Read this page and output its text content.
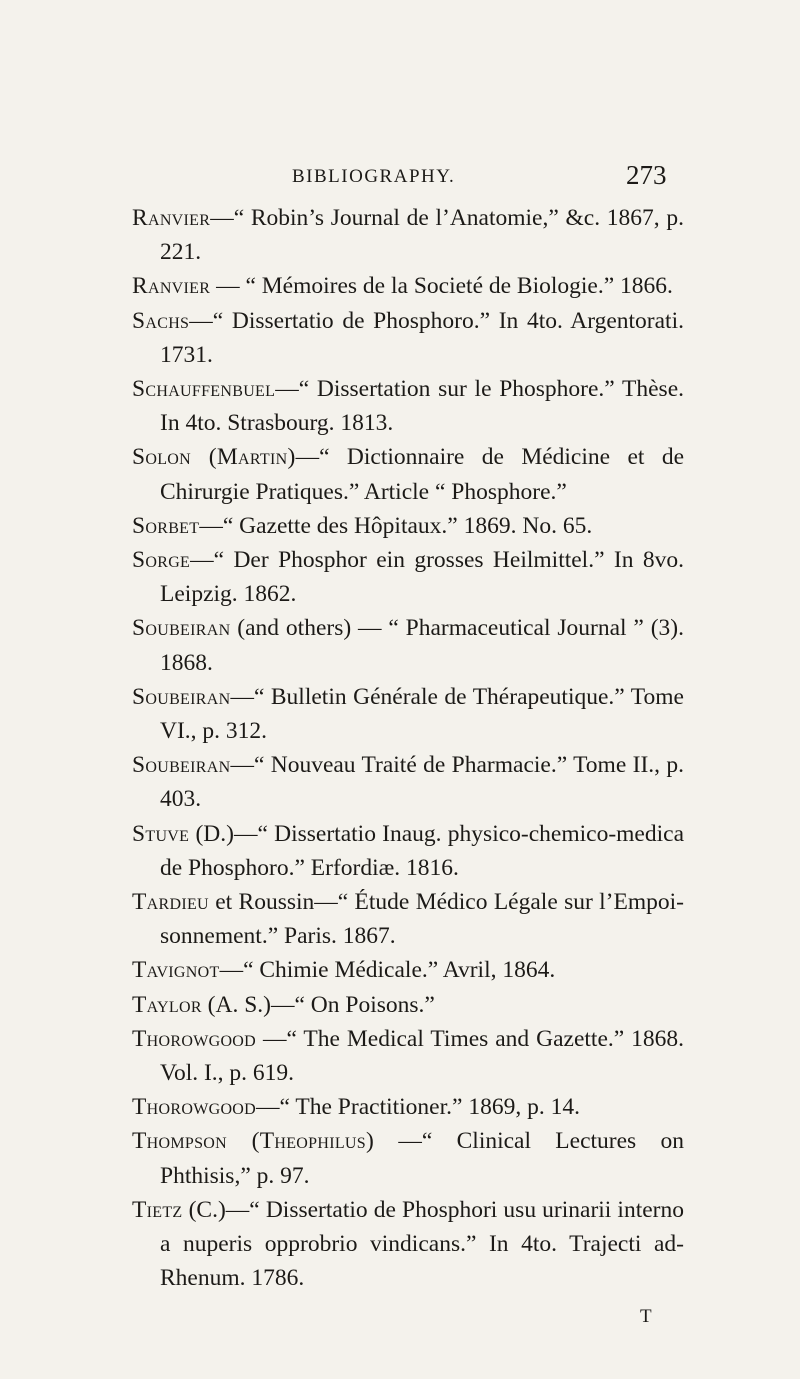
BIBLIOGRAPHY.	273

Ranvier—“ Robin’s Journal de l’Anatomie,” &c. 1867, p. 221.

Ranvier — “ Mémoires de la Societé de Biologie.” 1866.

Sachs—“ Dissertatio de Phosphoro.” In 4to. Argentorati. 1731.

Schauffenbuel—“ Dissertation sur le Phosphore.” Thèse. In 4to. Strasbourg. 1813.

Solon (Martin)—“ Dictionnaire de Médicine et de Chirurgie Pratiques.” Article “ Phosphore.”

Sorbet—“ Gazette des Hôpitaux.” 1869. No. 65.

Sorge—“ Der Phosphor ein grosses Heilmittel.” In 8vo. Leipzig. 1862.

Soubeiran (and others) — “ Pharmaceutical Journal ” (3). 1868.

Soubeiran—“ Bulletin Générale de Thérapeutique.” Tome VI., p. 312.

Soubeiran—“ Nouveau Traité de Pharmacie.” Tome II., p. 403.

Stuve (D.)—“ Dissertatio Inaug. physico-chemico-medica de Phosphoro.” Erfordiæ. 1816.

Tardieu et Roussin—“ Étude Médico Légale sur l’Empoisonnement.” Paris. 1867.

Tavignot—“ Chimie Médicale.” Avril, 1864.

Taylor (A. S.)—“ On Poisons.”

Thorowgood —“ The Medical Times and Gazette.” 1868. Vol. I., p. 619.

Thorowgood—“ The Practitioner.” 1869, p. 14.

Thompson (Theophilus) —“ Clinical Lectures on Phthisis,” p. 97.

Tietz (C.)—“ Dissertatio de Phosphori usu urinarii interno a nuperis opprobrio vindicans.” In 4to. Trajecti ad-Rhenum. 1786.

T
